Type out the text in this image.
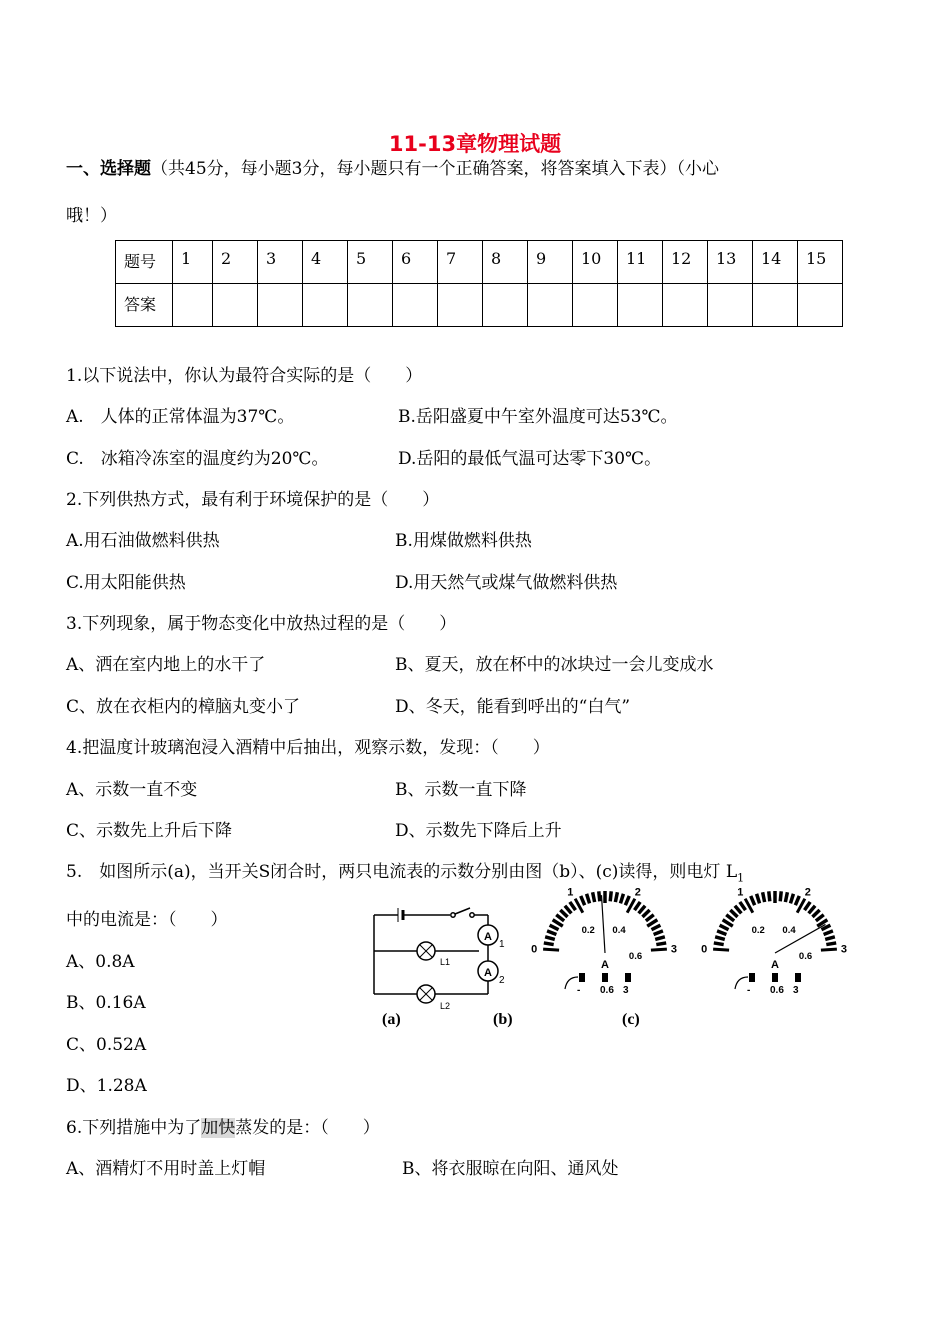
11-13章物理试题
一、选择题（共45分，每小题3分，每小题只有一个正确答案，将答案填入下表）（小心
哦！）
题号	1	2	3	4	5	6	7	8	9	10	11	12	13	14	15
答案															
1.以下说法中，你认为最符合实际的是（　　）
A.　人体的正常体温为37℃。	B.岳阳盛夏中午室外温度可达53℃。
C.　冰箱冷冻室的温度约为20℃。	D.岳阳的最低气温可达零下30℃。
2.下列供热方式，最有利于环境保护的是（　　）
A.用石油做燃料供热	B.用煤做燃料供热
C.用太阳能供热	D.用天然气或煤气做燃料供热
3.下列现象，属于物态变化中放热过程的是（　　）
A、洒在室内地上的水干了	B、夏天，放在杯中的冰块过一会儿变成水
C、放在衣柜内的樟脑丸变小了	D、冬天，能看到呼出的“白气”
4.把温度计玻璃泡浸入酒精中后抽出，观察示数，发现：（　　）
A、示数一直不变	B、示数一直下降
C、示数先上升后下降	D、示数先下降后上升
5.　如图所示(a)，当开关S闭合时，两只电流表的示数分别由图（b）、(c)读得，则电灯 $L_1$
中的电流是：（　　）
A、0.8A
B、0.16A
C、0.52A
D、1.28A
A
A
1
2
L1
L2
0
1	2
3
0.2 0.4
0.6
A
- 0.6 3
0
1	2
3
0.2 0.4
0.6
A
- 0.6 3
(a)	(b)	(c)
6.下列措施中为了加快蒸发的是：（　　）
A、酒精灯不用时盖上灯帽	B、将衣服晾在向阳、通风处
